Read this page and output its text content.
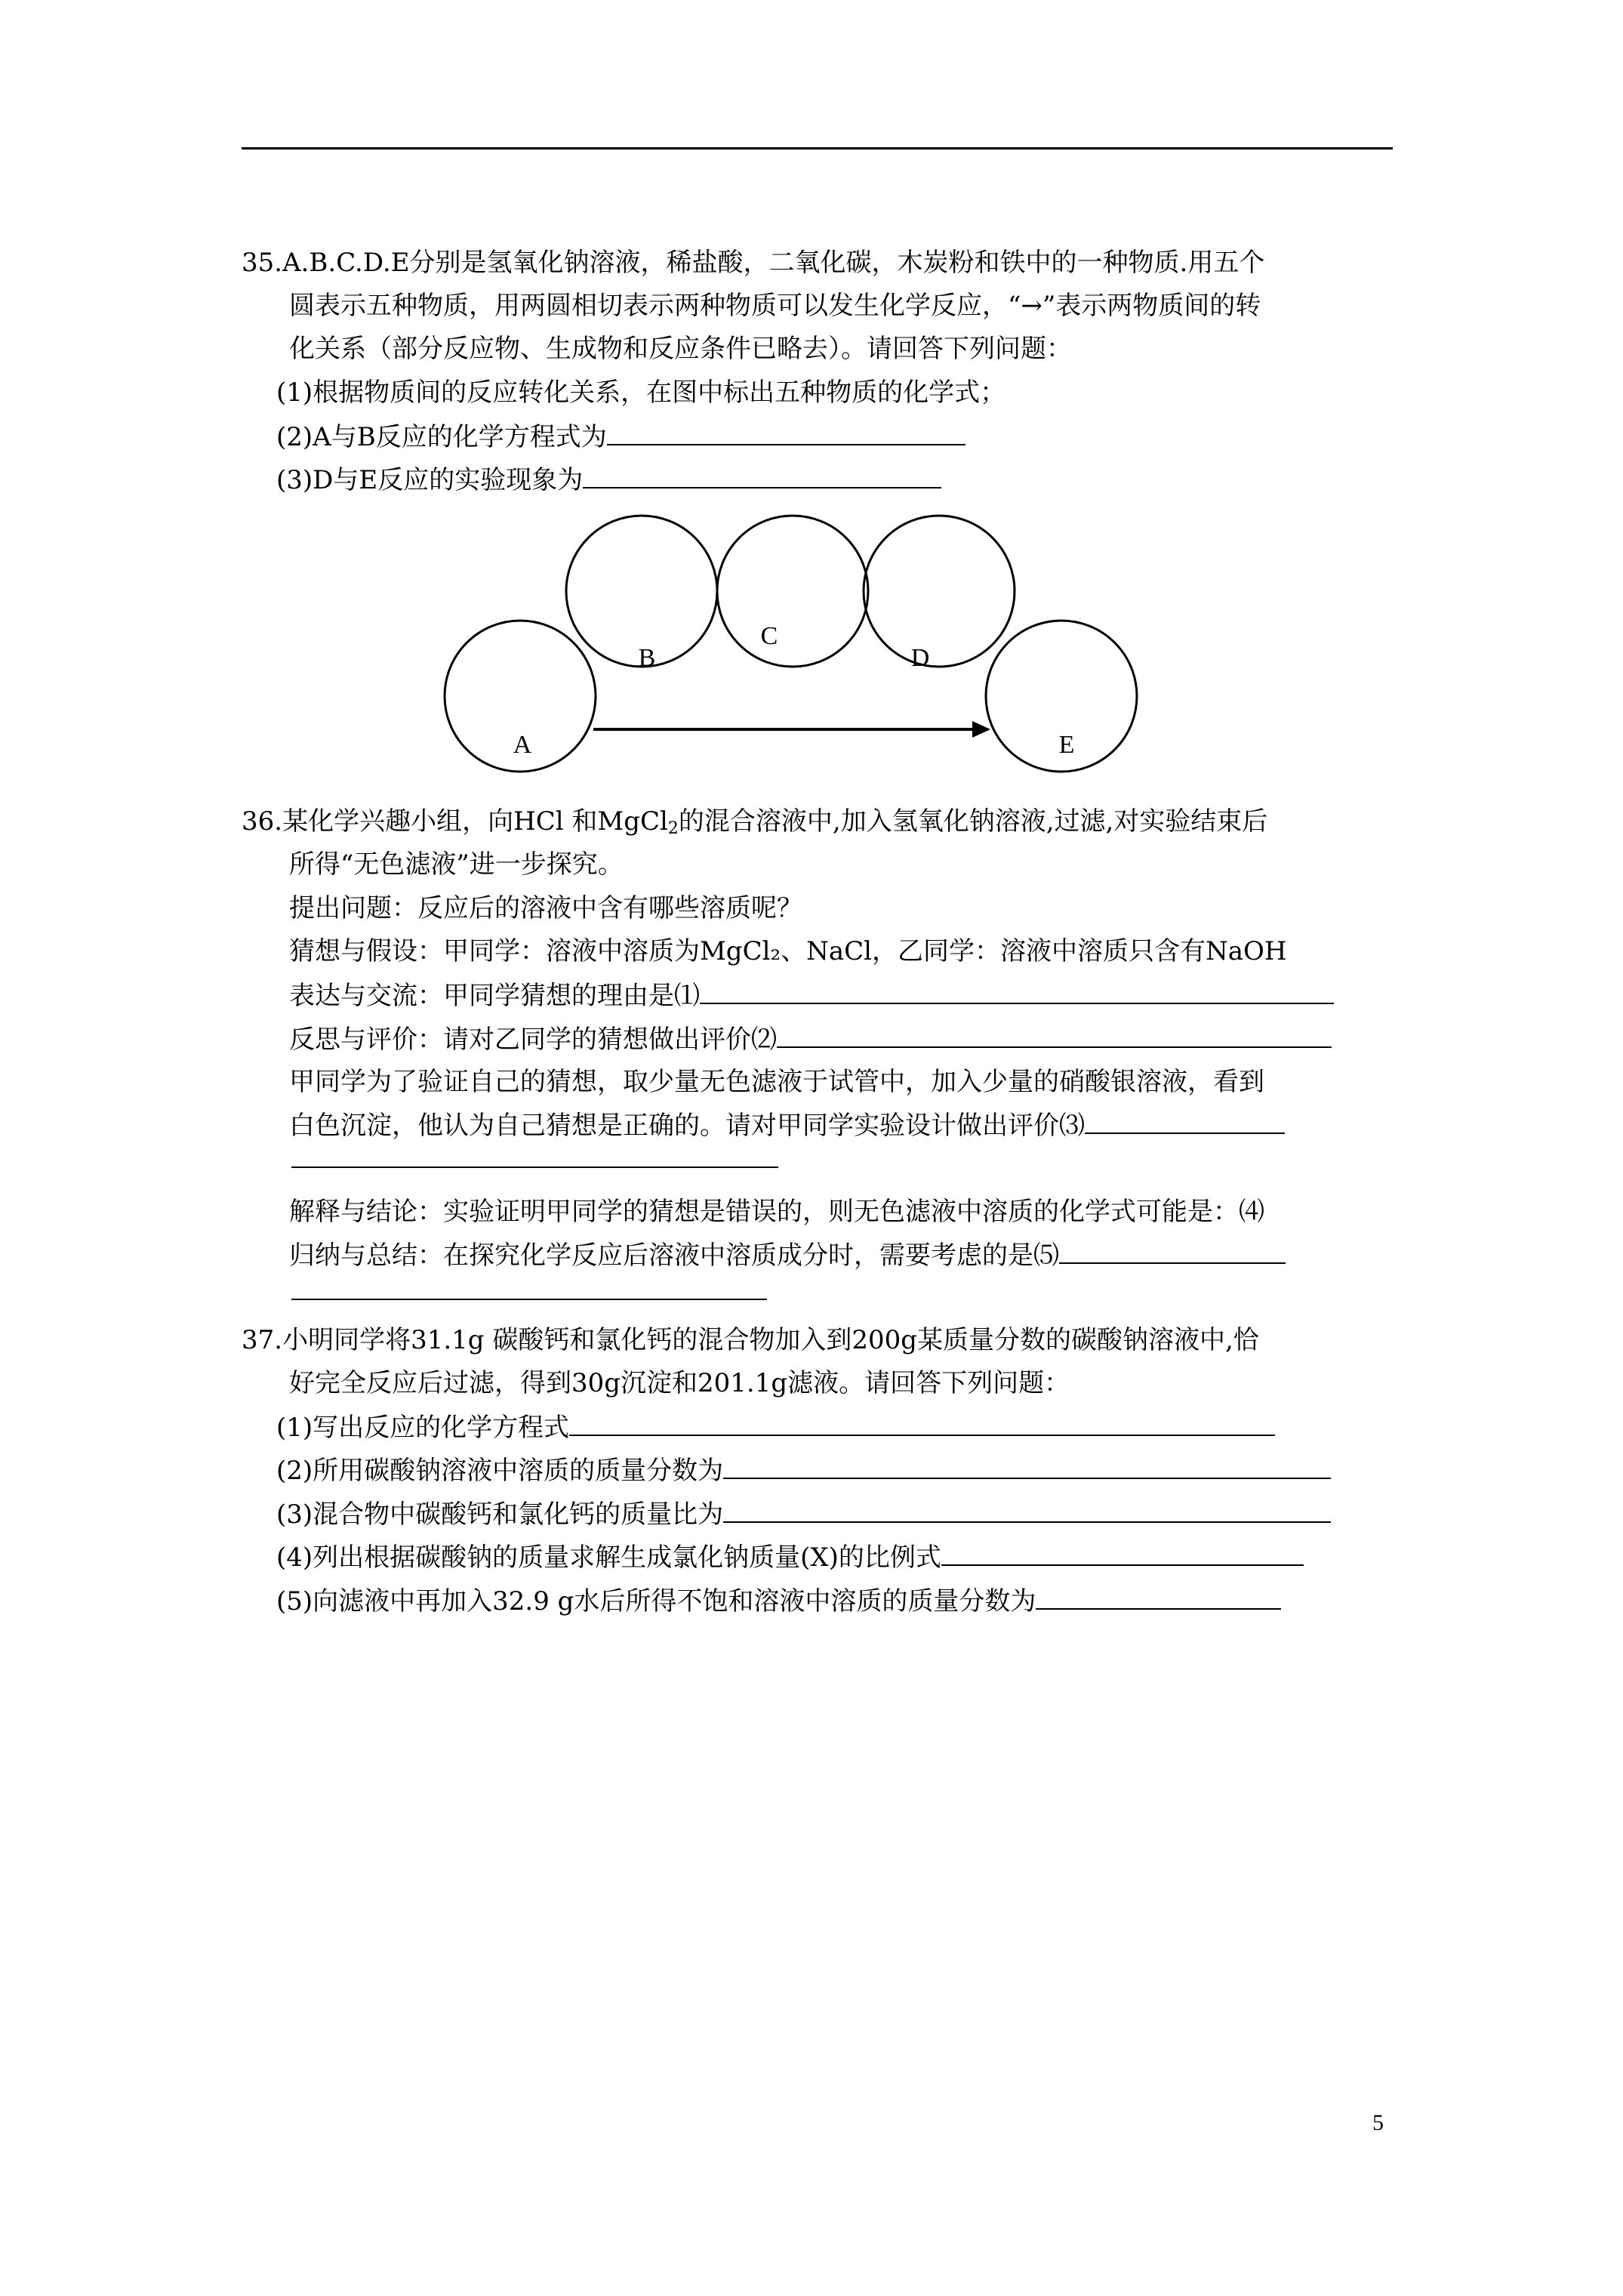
35.A.B.C.D.E分别是氢氧化钠溶液，稀盐酸，二氧化碳，木炭粉和铁中的一种物质.用五个
圆表示五种物质，用两圆相切表示两种物质可以发生化学反应，“→”表示两物质间的转
化关系（部分反应物、生成物和反应条件已略去）。请回答下列问题：
(1)根据物质间的反应转化关系，在图中标出五种物质的化学式；
(2)A与B反应的化学方程式为
(3)D与E反应的实验现象为
A
B
C
D
E
36.某化学兴趣小组，向HCl 和MgCl$_2$的混合溶液中,加入氢氧化钠溶液,过滤,对实验结束后
所得“无色滤液”进一步探究。
提出问题：反应后的溶液中含有哪些溶质呢？
猜想与假设：甲同学：溶液中溶质为MgCl₂、NaCl，乙同学：溶液中溶质只含有NaOH
表达与交流：甲同学猜想的理由是⑴
反思与评价：请对乙同学的猜想做出评价⑵
甲同学为了验证自己的猜想，取少量无色滤液于试管中，加入少量的硝酸银溶液，看到
白色沉淀，他认为自己猜想是正确的。请对甲同学实验设计做出评价⑶
解释与结论：实验证明甲同学的猜想是错误的，则无色滤液中溶质的化学式可能是：⑷
归纳与总结：在探究化学反应后溶液中溶质成分时，需要考虑的是⑸
37.小明同学将31.1g 碳酸钙和氯化钙的混合物加入到200g某质量分数的碳酸钠溶液中,恰
好完全反应后过滤，得到30g沉淀和201.1g滤液。请回答下列问题：
(1)写出反应的化学方程式
(2)所用碳酸钠溶液中溶质的质量分数为
(3)混合物中碳酸钙和氯化钙的质量比为
(4)列出根据碳酸钠的质量求解生成氯化钠质量(X)的比例式
(5)向滤液中再加入32.9 g水后所得不饱和溶液中溶质的质量分数为
5
